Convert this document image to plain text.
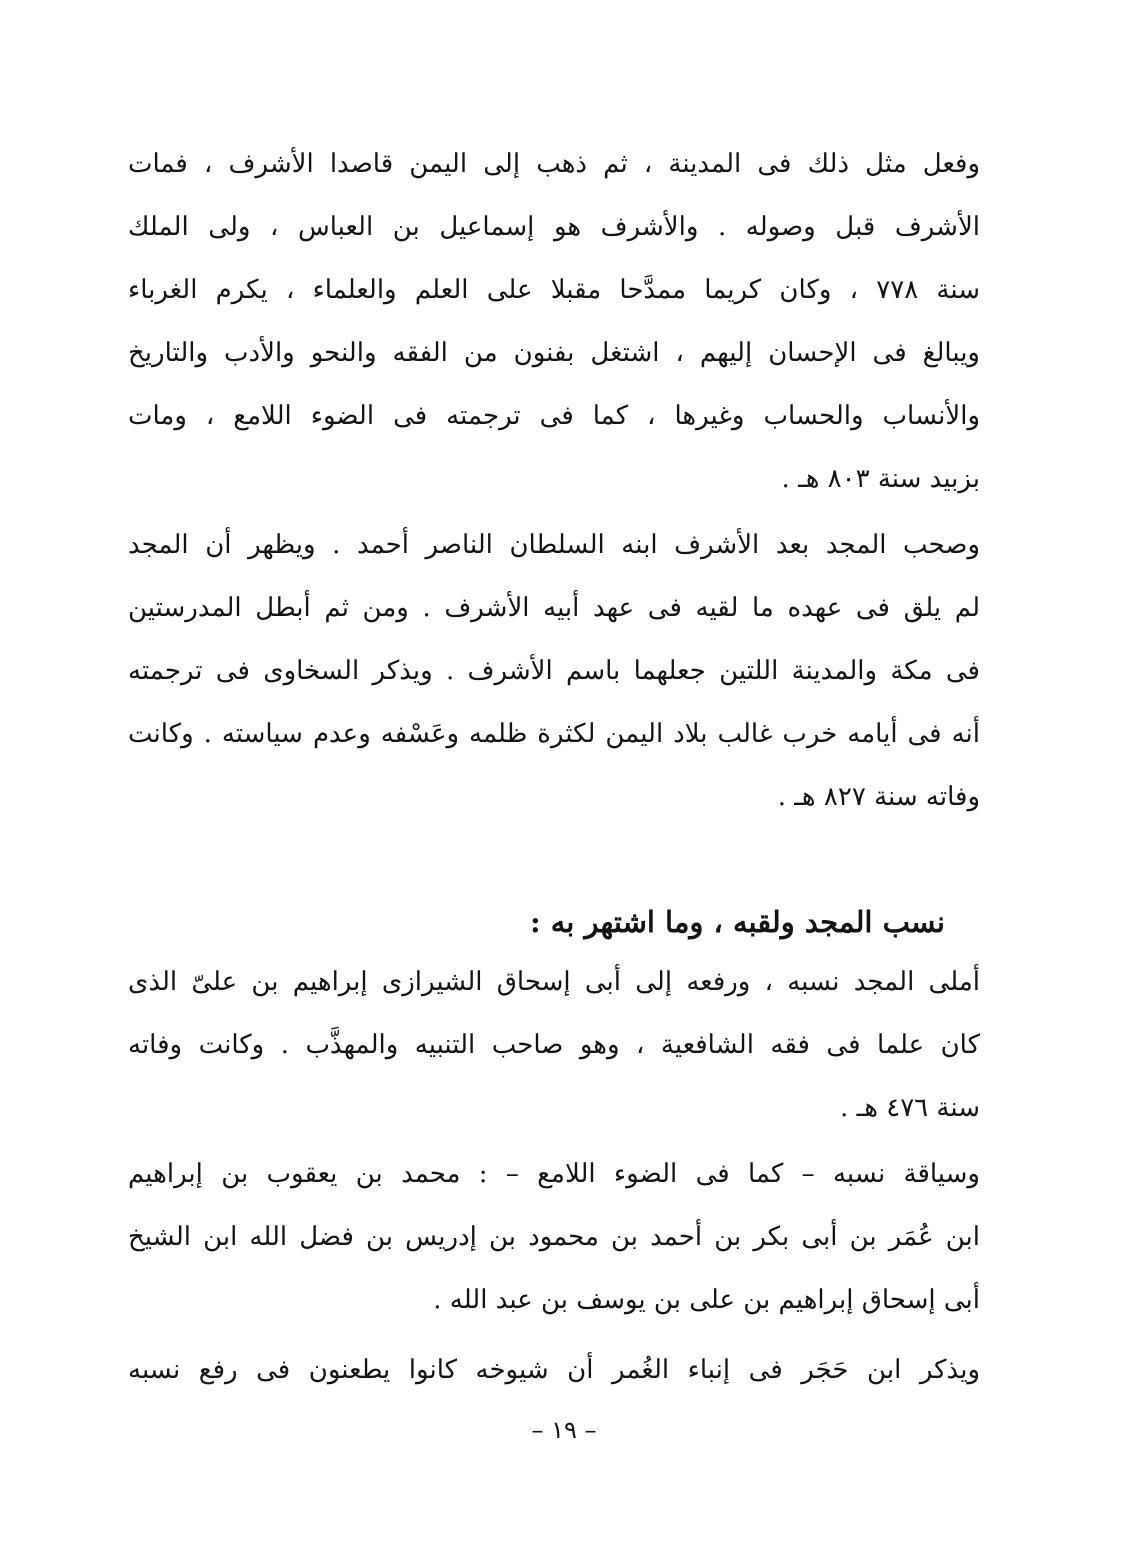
وفعل مثل ذلك فى المدينة ، ثم ذهب إلى اليمن قاصدا الأشرف ، فمات
الأشرف قبل وصوله . والأشرف هو إسماعيل بن العباس ، ولى الملك
سنة ٧٧٨ ، وكان كريما ممدَّحا مقبلا على العلم والعلماء ، يكرم الغرباء
ويبالغ فى الإحسان إليهم ، اشتغل بفنون من الفقه والنحو والأدب والتاريخ
والأنساب والحساب وغيرها ، كما فى ترجمته فى الضوء اللامع ، ومات
بزبيد سنة ٨٠٣ هـ .
وصحب المجد بعد الأشرف ابنه السلطان الناصر أحمد . ويظهر أن المجد
لم يلق فى عهده ما لقيه فى عهد أبيه الأشرف . ومن ثم أبطل المدرستين
فى مكة والمدينة اللتين جعلهما باسم الأشرف . ويذكر السخاوى فى ترجمته
أنه فى أيامه خرب غالب بلاد اليمن لكثرة ظلمه وعَسْفه وعدم سياسته . وكانت
وفاته سنة ٨٢٧ هـ .
نسب المجد ولقبه ، وما اشتهر به :
أملى المجد نسبه ، ورفعه إلى أبى إسحاق الشيرازى إبراهيم بن علىّ الذى
كان علما فى فقه الشافعية ، وهو صاحب التنبيه والمهذَّب . وكانت وفاته
سنة ٤٧٦ هـ .
وسياقة نسبه – كما فى الضوء اللامع – : محمد بن يعقوب بن إبراهيم
ابن عُمَر بن أبى بكر بن أحمد بن محمود بن إدريس بن فضل الله ابن الشيخ
أبى إسحاق إبراهيم بن على بن يوسف بن عبد الله .
ويذكر ابن حَجَر فى إنباء الغُمر أن شيوخه كانوا يطعنون فى رفع نسبه
– ١٩ –
